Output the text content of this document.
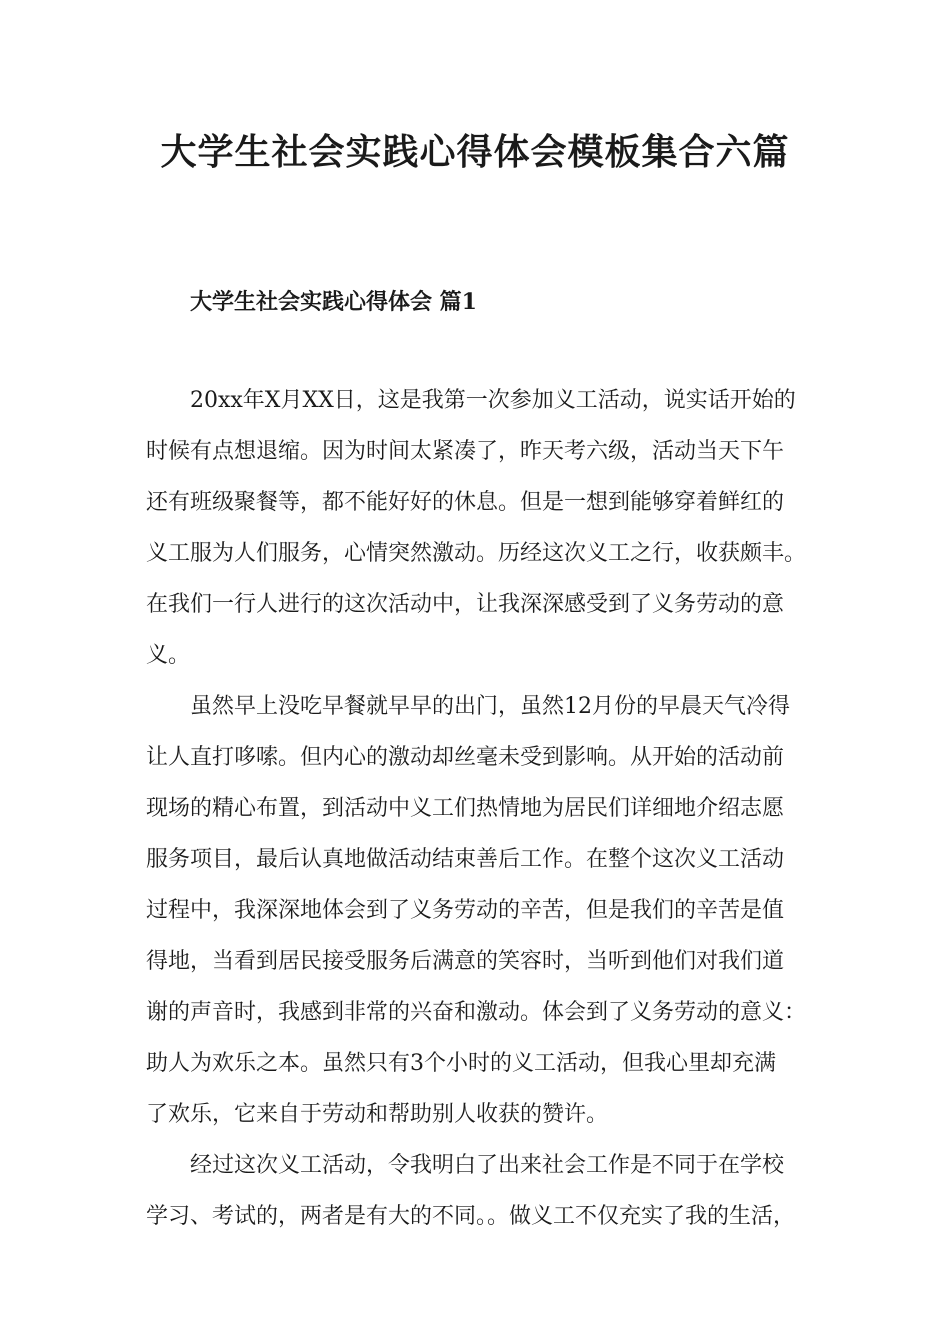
大学生社会实践心得体会模板集合六篇
大学生社会实践心得体会 篇1
20xx年X月XX日，这是我第一次参加义工活动，说实话开始的
时候有点想退缩。因为时间太紧凑了，昨天考六级，活动当天下午
还有班级聚餐等，都不能好好的休息。但是一想到能够穿着鲜红的
义工服为人们服务，心情突然激动。历经这次义工之行，收获颇丰。
在我们一行人进行的这次活动中，让我深深感受到了义务劳动的意
义。
虽然早上没吃早餐就早早的出门，虽然12月份的早晨天气冷得
让人直打哆嗦。但内心的激动却丝毫未受到影响。从开始的活动前
现场的精心布置，到活动中义工们热情地为居民们详细地介绍志愿
服务项目，最后认真地做活动结束善后工作。在整个这次义工活动
过程中，我深深地体会到了义务劳动的辛苦，但是我们的辛苦是值
得地，当看到居民接受服务后满意的笑容时，当听到他们对我们道
谢的声音时，我感到非常的兴奋和激动。体会到了义务劳动的意义：
助人为欢乐之本。虽然只有3个小时的义工活动，但我心里却充满
了欢乐，它来自于劳动和帮助别人收获的赞许。
经过这次义工活动，令我明白了出来社会工作是不同于在学校
学习、考试的，两者是有大的不同。。做义工不仅充实了我的生活，
